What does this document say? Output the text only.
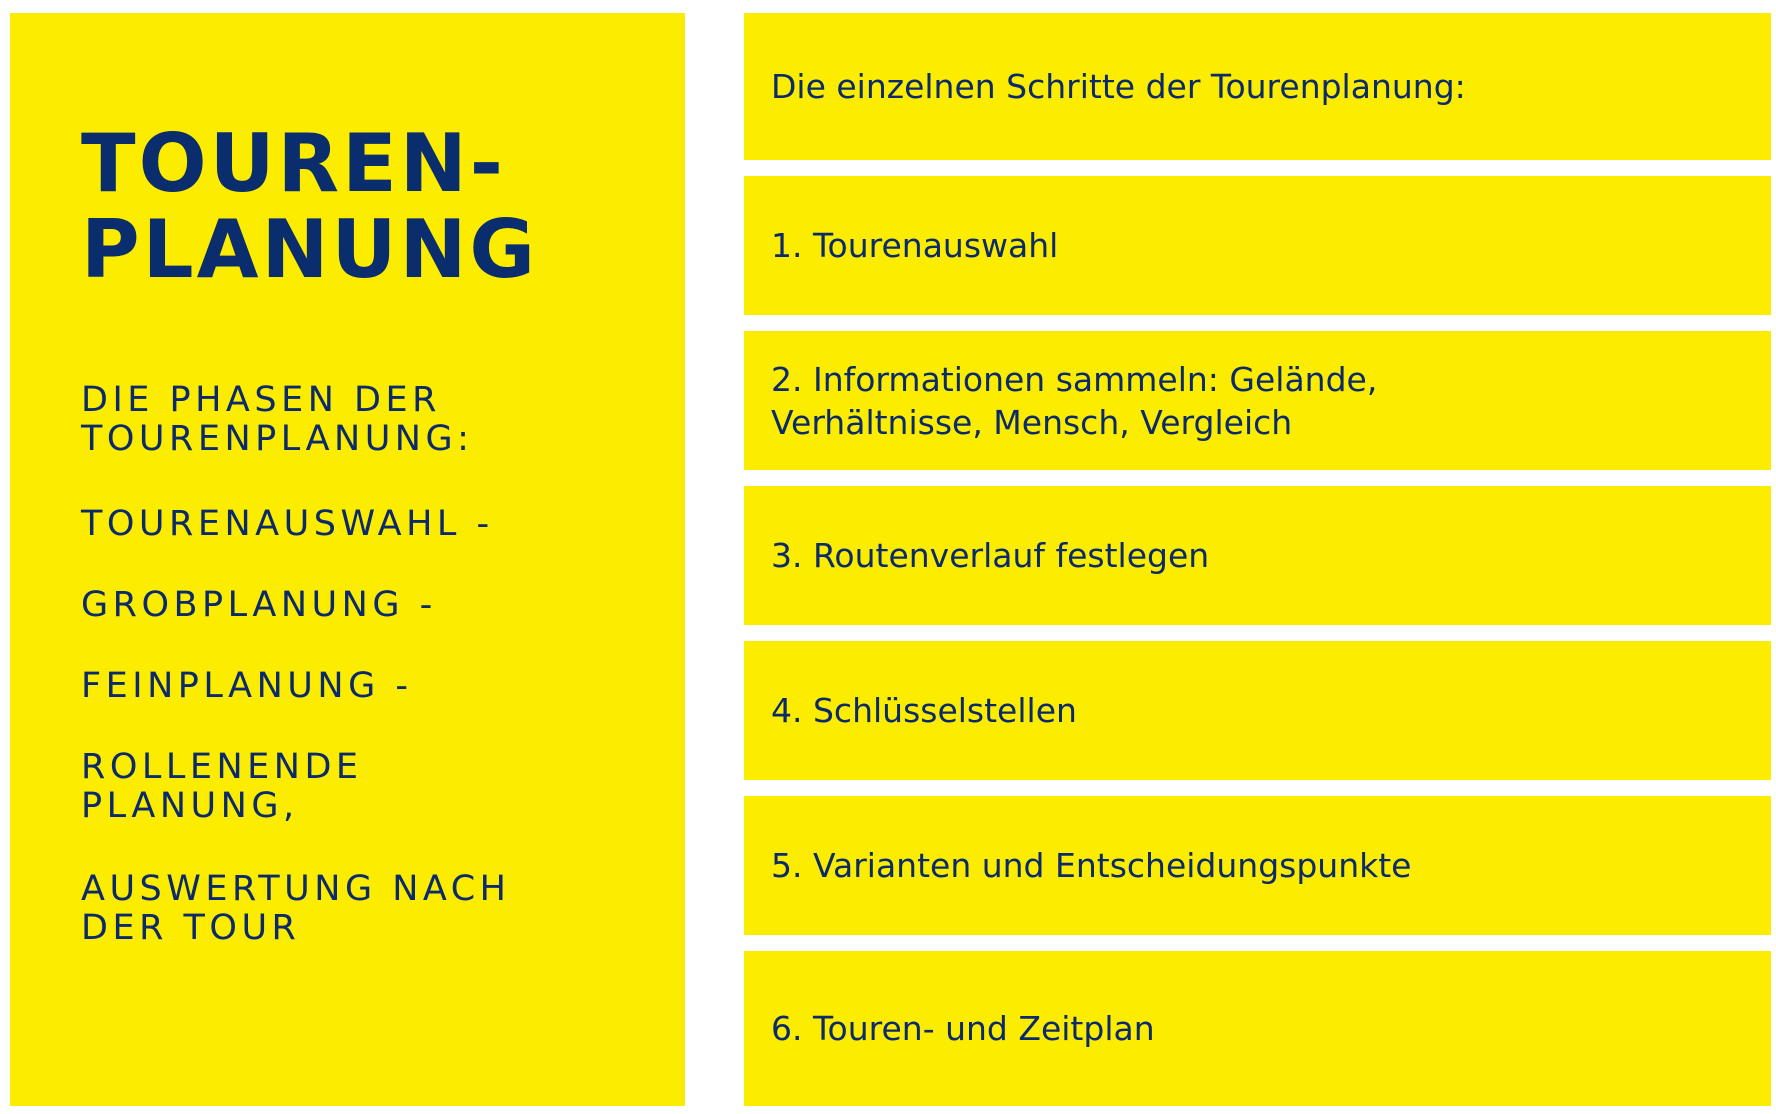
TOUREN-
PLANUNG
DIE PHASEN DER
TOURENPLANUNG:
TOURENAUSWAHL -
GROBPLANUNG -
FEINPLANUNG -
ROLLENENDE
PLANUNG,
AUSWERTUNG NACH
DER TOUR
Die einzelnen Schritte der Tourenplanung:
1. Tourenauswahl
2. Informationen sammeln: Gelände,
Verhältnisse, Mensch, Vergleich
3. Routenverlauf festlegen
4. Schlüsselstellen
5. Varianten und Entscheidungspunkte
6. Touren- und Zeitplan
